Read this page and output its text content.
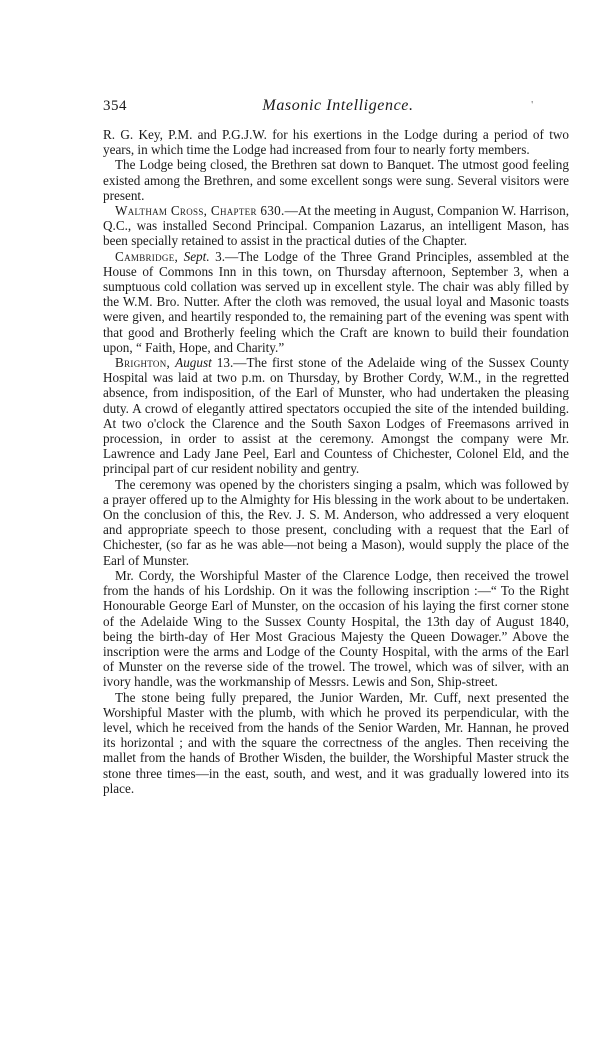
354	Masonic Intelligence.	'

R. G. Key, P.M. and P.G.J.W. for his exertions in the Lodge during a period of two years, in which time the Lodge had increased from four to nearly forty members.

The Lodge being closed, the Brethren sat down to Banquet. The utmost good feeling existed among the Brethren, and some excellent songs were sung. Several visitors were present.

Waltham Cross, Chapter 630.—At the meeting in August, Companion W. Harrison, Q.C., was installed Second Principal. Companion Lazarus, an intelligent Mason, has been specially retained to assist in the practical duties of the Chapter.

Cambridge, Sept. 3.—The Lodge of the Three Grand Principles, assembled at the House of Commons Inn in this town, on Thursday afternoon, September 3, when a sumptuous cold collation was served up in excellent style. The chair was ably filled by the W.M. Bro. Nutter. After the cloth was removed, the usual loyal and Masonic toasts were given, and heartily responded to, the remaining part of the evening was spent with that good and Brotherly feeling which the Craft are known to build their foundation upon, “ Faith, Hope, and Charity.”

Brighton, August 13.—The first stone of the Adelaide wing of the Sussex County Hospital was laid at two p.m. on Thursday, by Brother Cordy, W.M., in the regretted absence, from indisposition, of the Earl of Munster, who had undertaken the pleasing duty. A crowd of elegantly attired spectators occupied the site of the intended building. At two o'clock the Clarence and the South Saxon Lodges of Freemasons arrived in procession, in order to assist at the ceremony. Amongst the company were Mr. Lawrence and Lady Jane Peel, Earl and Countess of Chichester, Colonel Eld, and the principal part of cur resident nobility and gentry.

The ceremony was opened by the choristers singing a psalm, which was followed by a prayer offered up to the Almighty for His blessing in the work about to be undertaken. On the conclusion of this, the Rev. J. S. M. Anderson, who addressed a very eloquent and appropriate speech to those present, concluding with a request that the Earl of Chichester, (so far as he was able—not being a Mason), would supply the place of the Earl of Munster.

Mr. Cordy, the Worshipful Master of the Clarence Lodge, then received the trowel from the hands of his Lordship. On it was the following inscription :—“ To the Right Honourable George Earl of Munster, on the occasion of his laying the first corner stone of the Adelaide Wing to the Sussex County Hospital, the 13th day of August 1840, being the birth-day of Her Most Gracious Majesty the Queen Dowager.” Above the inscription were the arms and Lodge of the County Hospital, with the arms of the Earl of Munster on the reverse side of the trowel. The trowel, which was of silver, with an ivory handle, was the workmanship of Messrs. Lewis and Son, Ship-street.

The stone being fully prepared, the Junior Warden, Mr. Cuff, next presented the Worshipful Master with the plumb, with which he proved its perpendicular, with the level, which he received from the hands of the Senior Warden, Mr. Hannan, he proved its horizontal ; and with the square the correctness of the angles. Then receiving the mallet from the hands of Brother Wisden, the builder, the Worshipful Master struck the stone three times—in the east, south, and west, and it was gradually lowered into its place.
